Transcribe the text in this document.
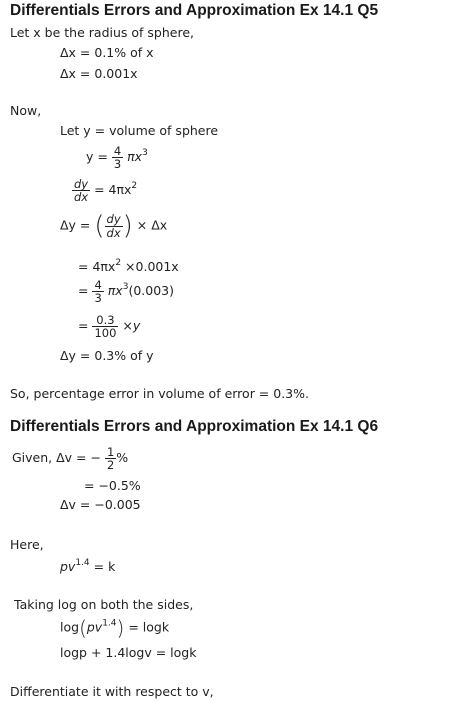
Differentials Errors and Approximation Ex 14.1 Q5
Let x be the radius of sphere,
Δx = 0.1% of x
Δx = 0.001x
Now,
Let y = volume of sphere
$y = \frac{4}{3} \pi x^3$
$\frac{dy}{dx} = 4\pi x^2$
Δy = ( $\frac{dy}{dx}$ ) × Δx
= $4\pi x^2 \times 0.001x$
= $\frac{4}{3} \pi x^3(0.003)$
= $\frac{0.3}{100} \times y$
Δy = 0.3% of y
So, percentage error in volume of error = 0.3%.
Differentials Errors and Approximation Ex 14.1 Q6
Given, Δv = − $\frac{1}{2}$ %
= −0.5%
Δv = −0.005
Here,
$pv^{1.4} = k$
Taking log on both the sides,
$\log(pv^{1.4}) = \log k$
logp + 1.4logv = logk
Differentiate it with respect to v,
